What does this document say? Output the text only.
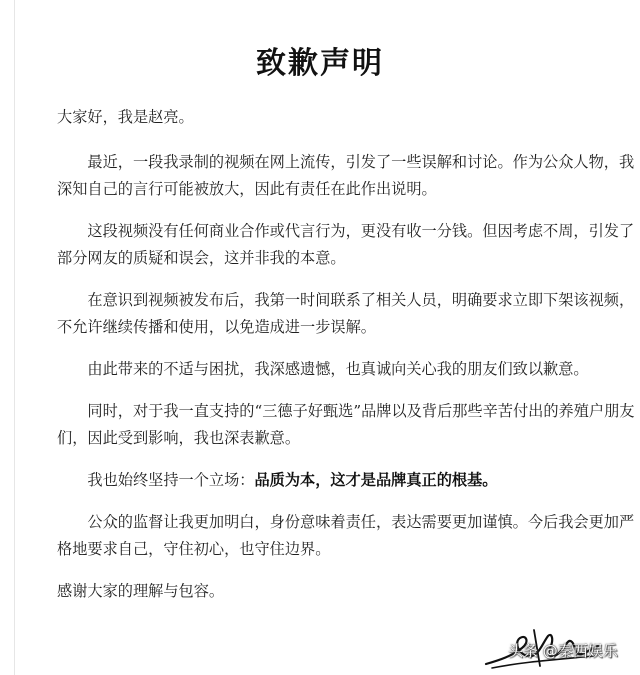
致歉声明

大家好，我是赵亮。

最近，一段我录制的视频在网上流传，引发了一些误解和讨论。作为公众人物，我深知自己的言行可能被放大，因此有责任在此作出说明。

这段视频没有任何商业合作或代言行为，更没有收一分钱。但因考虑不周，引发了部分网友的质疑和误会，这并非我的本意。

在意识到视频被发布后，我第一时间联系了相关人员，明确要求立即下架该视频，不允许继续传播和使用，以免造成进一步误解。

由此带来的不适与困扰，我深感遗憾，也真诚向关心我的朋友们致以歉意。

同时，对于我一直支持的“三德子好甄选”品牌以及背后那些辛苦付出的养殖户朋友们，因此受到影响，我也深表歉意。

我也始终坚持一个立场：品质为本，这才是品牌真正的根基。

公众的监督让我更加明白，身份意味着责任，表达需要更加谨慎。今后我会更加严格地要求自己，守住初心，也守住边界。

感谢大家的理解与包容。

头条 @秦西娱乐
